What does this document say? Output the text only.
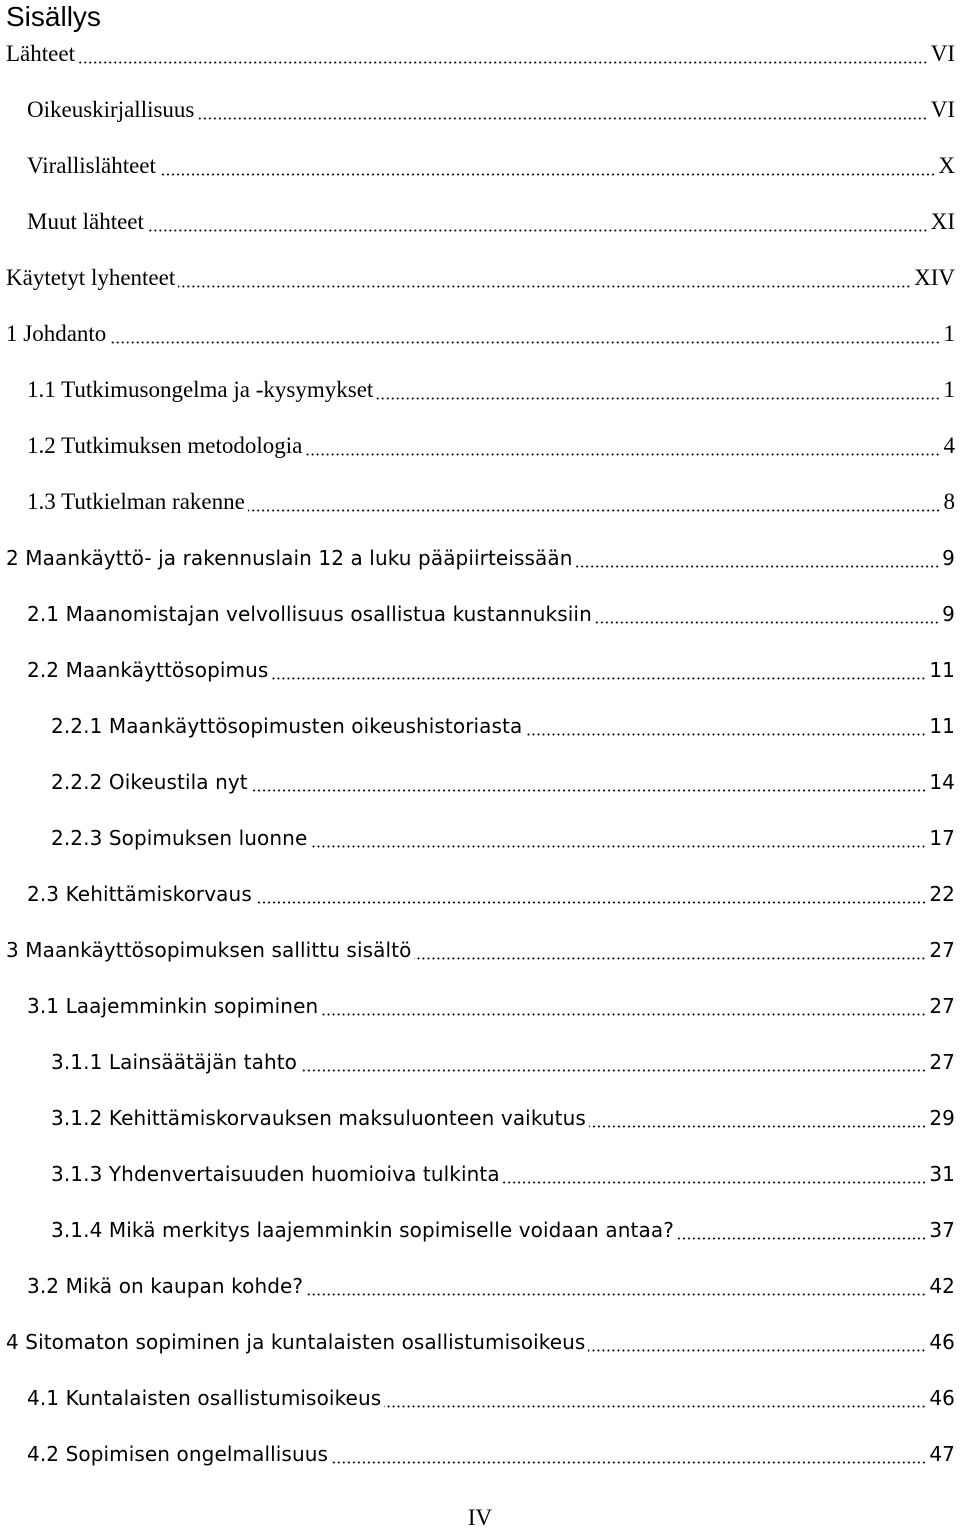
Sisällys
Lähteet	VI
Oikeuskirjallisuus	VI
Virallislähteet	X
Muut lähteet	XI
Käytetyt lyhenteet	XIV
1 Johdanto	1
1.1 Tutkimusongelma ja -kysymykset	1
1.2 Tutkimuksen metodologia	4
1.3 Tutkielman rakenne	8
2 Maankäyttö- ja rakennuslain 12 a luku pääpiirteissään	9
2.1 Maanomistajan velvollisuus osallistua kustannuksiin	9
2.2 Maankäyttösopimus	11
2.2.1 Maankäyttösopimusten oikeushistoriasta	11
2.2.2 Oikeustila nyt	14
2.2.3 Sopimuksen luonne	17
2.3 Kehittämiskorvaus	22
3 Maankäyttösopimuksen sallittu sisältö	27
3.1 Laajemminkin sopiminen	27
3.1.1 Lainsäätäjän tahto	27
3.1.2 Kehittämiskorvauksen maksuluonteen vaikutus	29
3.1.3 Yhdenvertaisuuden huomioiva tulkinta	31
3.1.4 Mikä merkitys laajemminkin sopimiselle voidaan antaa?	37
3.2 Mikä on kaupan kohde?	42
4 Sitomaton sopiminen ja kuntalaisten osallistumisoikeus	46
4.1 Kuntalaisten osallistumisoikeus	46
4.2 Sopimisen ongelmallisuus	47
IV
